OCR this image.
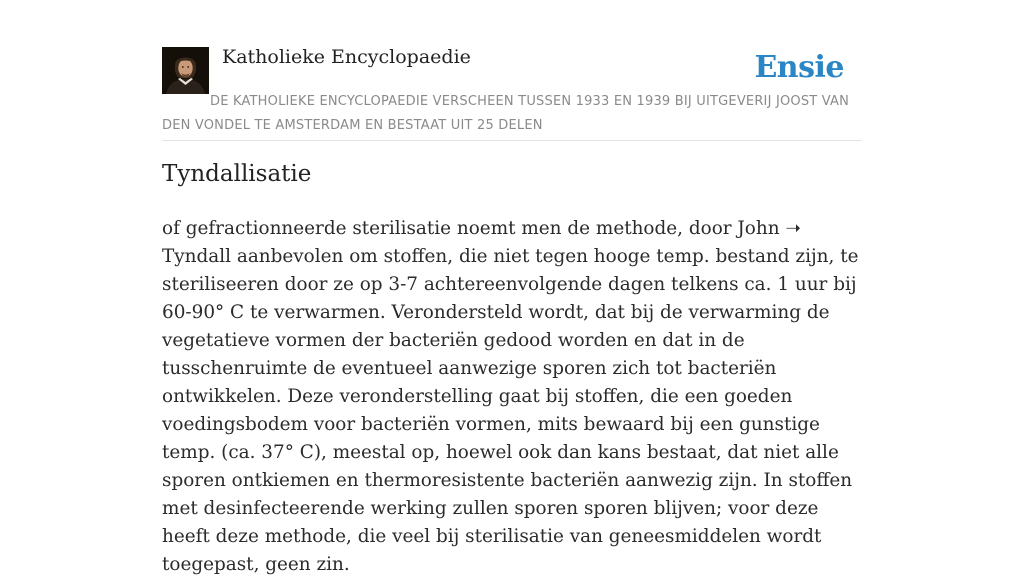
Katholieke Encyclopaedie	Ensie
DE KATHOLIEKE ENCYCLOPAEDIE VERSCHEEN TUSSEN 1933 EN 1939 BIJ UITGEVERIJ JOOST VAN DEN VONDEL TE AMSTERDAM EN BESTAAT UIT 25 DELEN
Tyndallisatie

of gefractionneerde sterilisatie noemt men de methode, door John ➝ Tyndall aanbevolen om stoffen, die niet tegen hooge temp. bestand zijn, te steriliseeren door ze op 3-7 achtereenvolgende dagen telkens ca. 1 uur bij 60-90° C te verwarmen. Verondersteld wordt, dat bij de verwarming de vegetatieve vormen der bacteriën gedood worden en dat in de tusschenruimte de eventueel aanwezige sporen zich tot bacteriën ontwikkelen. Deze veronderstelling gaat bij stoffen, die een goeden voedingsbodem voor bacteriën vormen, mits bewaard bij een gunstige temp. (ca. 37° C), meestal op, hoewel ook dan kans bestaat, dat niet alle sporen ontkiemen en thermoresistente bacteriën aanwezig zijn. In stoffen met desinfecteerende werking zullen sporen sporen blijven; voor deze heeft deze methode, die veel bij sterilisatie van geneesmiddelen wordt toegepast, geen zin.
